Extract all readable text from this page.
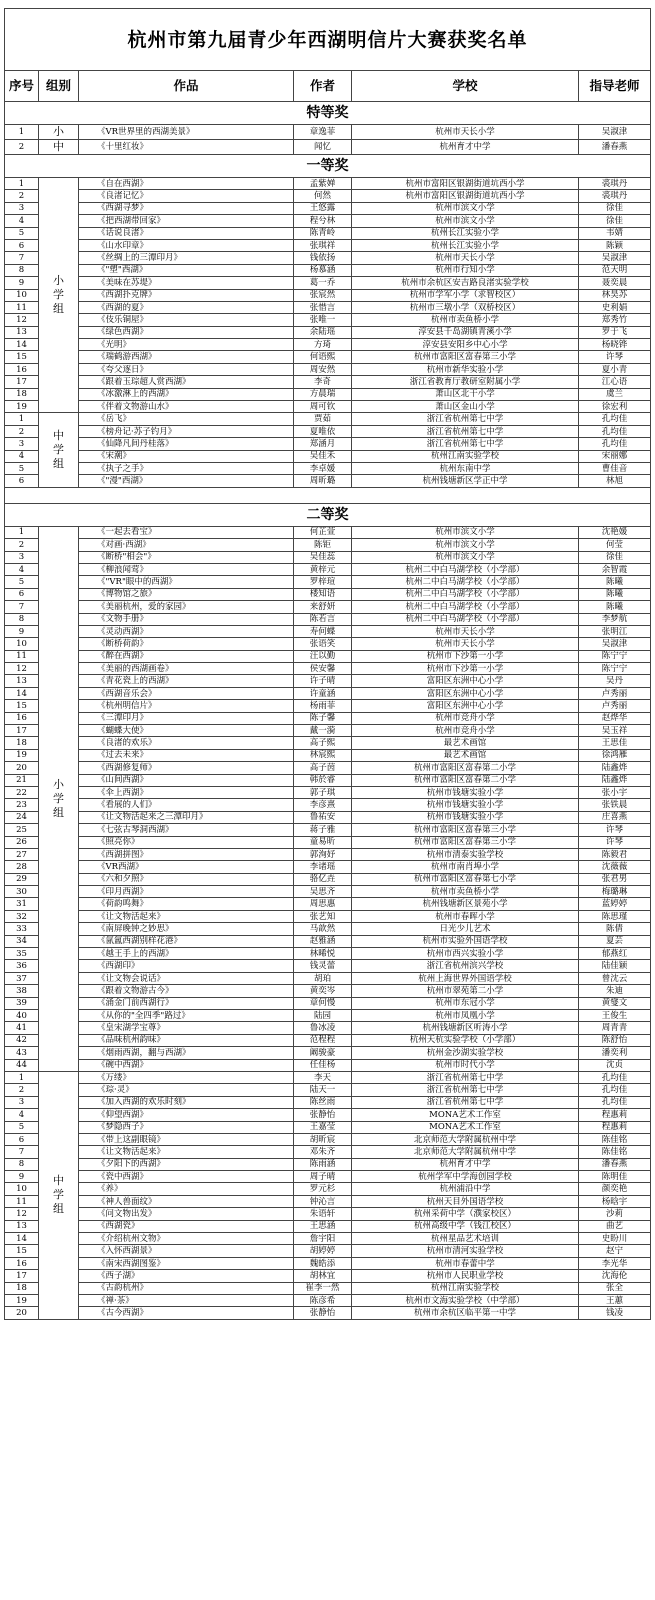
杭州市第九届青少年西湖明信片大赛获奖名单					
序号	组别	作品	作者	学校	指导老师
特等奖					
1	小	《VR世界里的西湖美景》	章逸菲	杭州市天长小学	吴淑津
2	中	《十里红妆》	闻忆	杭州育才中学	潘春燕
一等奖					
1	小学组	《自在西湖》	孟紫婵	杭州市富阳区银湖街道坑西小学	裘琪丹
2		《良渚记忆》	何然	杭州市富阳区银湖街道坑西小学	裘琪丹
3		《西湖寻梦》	王悠露	杭州市滨文小学	徐佳
4		《把西湖带回家》	程兮林	杭州市滨文小学	徐佳
5		《话说良渚》	陈青岭	杭州长江实验小学	韦婧
6		《山水印章》	张琪祥	杭州长江实验小学	陈颖
7		《丝绸上的三潭印月》	钱依扬	杭州市天长小学	吴淑津
8		《"塑"西湖》	杨慕涵	杭州市行知小学	范天明
9		《美味在苏堤》	葛一乔	杭州市余杭区安吉路良渚实验学校	聂奕晨
10		《西湖扑克牌》	张宸然	杭州市学军小学（求智校区）	林昊苏
11		《西湖的夏》	张惜言	杭州市三墩小学（双桥校区）	史利娟
12		《伎乐铜屋》	张唯一	杭州市卖鱼桥小学	郑秀竹
13		《绿色西湖》	余陆瑶	淳安县千岛湖镇青溪小学	罗于飞
14		《光明》	方琦	淳安县安阳乡中心小学	杨晓铧
15		《瑞鹤游西湖》	何语熙	杭州市富阳区富春第三小学	许琴
16		《夸父逐日》	周安然	杭州市新华实验小学	夏小青
17		《跟着玉琮超人赏西湖》	李奇	浙江省教育厅教研室附属小学	江心语
18		《冰激淋上的西湖》	方晨瑞	萧山区北干小学	虞兰
19		《伴着文物游山水》	周可钦	萧山区金山小学	徐宏利
1	中学组	《岳飞》	贾茹	浙江省杭州第七中学	孔均佳
2		《榜舟记·苏子钓月》	夏唯依	浙江省杭州第七中学	孔均佳
3		《仙降凡间丹桂落》	郑涵月	浙江省杭州第七中学	孔均佳
4		《宋潮》	吴佳禾	杭州江南实验学校	宋丽娜
5		《执子之手》	李卓媛	杭州东南中学	曹佳音
6		《"漫"西湖》	周昕璐	杭州钱塘新区学正中学	林旭

二等奖					
1	小学组	《一起去看宝》	何芷萱	杭州市滨文小学	沈艳媛
2		《对画·西湖》	陈钜	杭州市滨文小学	何莹
3		《断桥"相会"》	吴佳蕊	杭州市滨文小学	徐佳
4		《柳浪闻莺》	黄梓元	杭州二中白马湖学校（小学部）	余智霞
5		《"VR"眼中的西湖》	罗梓瑄	杭州二中白马湖学校（小学部）	陈曦
6		《博物馆之旅》	楼知语	杭州二中白马湖学校（小学部）	陈曦
7		《美丽杭州，爱的家园》	来舒妍	杭州二中白马湖学校（小学部）	陈曦
8		《文物手册》	陈若言	杭州二中白马湖学校（小学部）	李梦航
9		《灵动西湖》	寿何蝶	杭州市天长小学	张明江
10		《断桥荷韵》	张语笑	杭州市天长小学	吴淑津
11		《醉在西湖》	汪以勤	杭州市下沙第一小学	陈宁宁
12		《美丽的西湖画卷》	侯安馨	杭州市下沙第一小学	陈宁宁
13		《青花瓷上的西湖》	许子晴	富阳区东洲中心小学	吴丹
14		《西湖音乐会》	许童涵	富阳区东洲中心小学	卢秀丽
15		《杭州明信片》	杨雨菲	富阳区东洲中心小学	卢秀丽
16		《三潭印月》	陈子馨	杭州市竞舟小学	赵烨华
17		《蝴蝶大使》	戴一漪	杭州市竞舟小学	吴玉祥
18		《良渚的欢乐》	高子熙	最艺术画馆	王思佳
19		《过去未来》	林宸熙	最艺术画馆	徐鸿雁
20		《西湖修复师》	高子茵	杭州市富阳区富春第二小学	陆鑫烨
21		《山间西湖》	韩於睿	杭州市富阳区富春第二小学	陆鑫烨
22		《伞上西湖》	郭子琪	杭州市钱塘实验小学	张小宇
23		《看展的人们》	李彦熹	杭州市钱塘实验小学	张铁晨
24		《让文物活起来之三潭印月》	鲁祐安	杭州市钱塘实验小学	庄喜燕
25		《七弦古琴洞西湖》	蒋子雅	杭州市富阳区富春第三小学	许琴
26		《照亮你》	童易昕	杭州市富阳区富春第三小学	许琴
27		《西湖拼图》	郭洵妤	杭州市清泰实验学校	陈毅君
28		《VR西湖》	李诸瑶	杭州市南肖埠小学	沈薇薇
29		《六和夕照》	骆亿垚	杭州市富阳区富春第七小学	张君男
30		《印月西湖》	吴思齐	杭州市卖鱼桥小学	梅璐琳
31		《荷韵鸣舞》	周思惠	杭州钱塘新区景苑小学	蓝婷婷
32		《让文物活起来》	张艺知	杭州市春晖小学	陈思瑾
33		《南屏晚钟之妙思》	马歆然	日光少儿艺术	陈倩
34		《氤氲西湖别样花港》	赵雅涵	杭州市实验外国语学校	夏芸
35		《越王手上的西湖》	林晞悦	杭州市西兴实验小学	郁燕红
36		《西湖印》	钱灵蕾	浙江省杭州滨兴学校	陆佳颖
37		《让文物会说话》	胡珀	杭州上海世界外国语学校	曾沈云
38		《跟着文物游古今》	黄奕岑	杭州市翠苑第二小学	朱迪
39		《涌金门前西湖行》	章何慢	杭州市东冠小学	黄燮文
40		《从你的"全四季"路过》	陆园	杭州市凤凰小学	王俊生
41		《皇宋湖学宝尊》	鲁冰凌	杭州钱塘新区听涛小学	周青青
42		《品味杭州韵味》	范程程	杭州天杭实验学校（小学部）	陈舒怡
43		《烟雨西湖，翻与西湖》	阚骏豪	杭州金沙湖实验学校	潘奕利
44		《碗中西湖》	任佳杨	杭州市时代小学	沈贞
1	中学组	《万缕》	李天	浙江省杭州第七中学	孔均佳
2		《琮·灵》	陆天一	浙江省杭州第七中学	孔均佳
3		《加入西湖的欢乐时刻》	陈丝雨	浙江省杭州第七中学	孔均佳
4		《仰望西湖》	张静怡	MONA艺术工作室	程惠莉
5		《梦隐西子》	王嘉莹	MONA艺术工作室	程惠莉
6		《带上这副眼镜》	胡昕宸	北京师范大学附属杭州中学	陈佳铭
7		《让文物活起来》	邓朱齐	北京师范大学附属杭州中学	陈佳铭
8		《夕阳下的西湖》	陈雨涵	杭州育才中学	潘春燕
9		《瓷中西湖》	周子晴	杭州学军中学海创园学校	陈明佳
10		《养》	罗元杉	杭州浦沿中学	颜奕艳
11		《神人兽面纹》	钟沁言	杭州天目外国语学校	杨晗宇
12		《问文物出发》	朱语轩	杭州采荷中学（濮家校区）	沙莉
13		《西湖瓷》	王思涵	杭州高级中学（钱江校区）	曲艺
14		《介绍杭州文物》	詹宇阳	杭州星品艺术培训	史盼川
15		《入怀西湖景》	胡婷婷	杭州市清河实验学校	赵宁
16		《南宋西湖图鉴》	魏皓添	杭州市春蕾中学	李光华
17		《西子湖》	胡林宜	杭州市人民职业学校	沈海伦
18		《古韵杭州》	崔李一然	杭州江南实验学校	张全
19		《禅·茶》	陈彦希	杭州市文海实验学校（中学部）	王蕙
20		《古今西湖》	张静怡	杭州市余杭区临平第一中学	钱凌
